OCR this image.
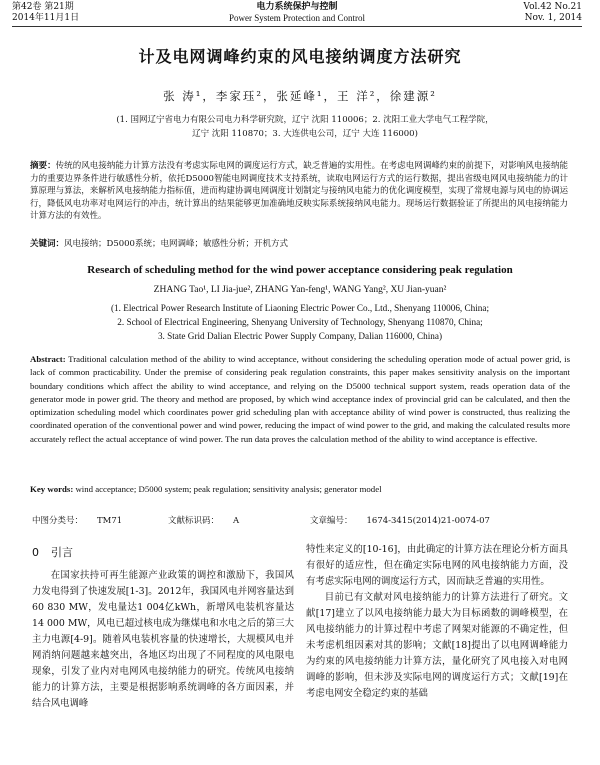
第42卷 第21期
2014年11月1日
电力系统保护与控制
Power System Protection and Control
Vol.42 No.21
Nov. 1, 2014
计及电网调峰约束的风电接纳调度方法研究
张 涛¹，李家珏²，张延峰¹，王 洋²，徐建源²
(1. 国网辽宁省电力有限公司电力科学研究院，辽宁 沈阳 110006；2. 沈阳工业大学电气工程学院，
辽宁 沈阳 110870；3. 大连供电公司，辽宁 大连 116000)
摘要：传统的风电接纳能力计算方法没有考虑实际电网的调度运行方式，缺乏普遍的实用性。在考虑电网调峰约束的前提下，对影响风电接纳能力的重要边界条件进行敏感性分析，依托D5000智能电网调度技术支持系统，读取电网运行方式的运行数据，提出省级电网风电接纳能力的计算原理与算法，来解析风电接纳能力指标值，进而构建协调电网调度计划制定与接纳风电能力的优化调度模型，实现了常规电源与风电的协调运行，降低风电功率对电网运行的冲击，统计算出的结果能够更加准确地反映实际系统接纳风电能力。现场运行数据验证了所提出的风电接纳能力计算方法的有效性。
关键词：风电接纳；D5000系统；电网调峰；敏感性分析；开机方式
Research of scheduling method for the wind power acceptance considering peak regulation
ZHANG Tao¹, LI Jia-jue², ZHANG Yan-feng¹, WANG Yang², XU Jian-yuan²
(1. Electrical Power Research Institute of Liaoning Electric Power Co., Ltd., Shenyang 110006, China;
2. School of Electrical Engineering, Shenyang University of Technology, Shenyang 110870, China;
3. State Grid Dalian Electric Power Supply Company, Dalian 116000, China)
Abstract: Traditional calculation method of the ability to wind acceptance, without considering the scheduling operation mode of actual power grid, is lack of common practicability. Under the premise of considering peak regulation constraints, this paper makes sensitivity analysis on the important boundary conditions which affect the ability to wind acceptance, and relying on the D5000 technical support system, reads operation data of the generator mode in power grid. The theory and method are proposed, by which wind acceptance index of provincial grid can be calculated, and then the optimization scheduling model which coordinates power grid scheduling plan with acceptance ability of wind power is constructed, thus realizing the coordinated operation of the conventional power and wind power, reducing the impact of wind power to the grid, and making the calculated results more accurately reflect the actual acceptance of wind power. The run data proves the calculation method of the ability to wind acceptance is effective.
Key words: wind acceptance; D5000 system; peak regulation; sensitivity analysis; generator model
中图分类号： TM71	文献标识码： A	文章编号： 1674-3415(2014)21-0074-07
0 引言
在国家扶持可再生能源产业政策的调控和激励下，我国风力发电得到了快速发展[1-3]。2012年，我国风电并网容量达到60 830 MW，发电量达1 004亿kWh，新增风电装机容量达14 000 MW，风电已超过核电成为继煤电和水电之后的第三大主力电源[4-9]。随着风电装机容量的快速增长，大规模风电并网消纳问题越来越突出，各地区均出现了不同程度的风电限电现象，引发了业内对电网风电接纳能力的研究。传统风电接纳能力的计算方法，主要是根据影响系统调峰的各方面因素，并结合风电调峰

特性来定义的[10-16]，由此确定的计算方法在理论分析方面具有很好的适应性，但在确定实际电网的风电接纳能力方面，没有考虑实际电网的调度运行方式，因而缺乏普遍的实用性。

目前已有文献对风电接纳能力的计算方法进行了研究。文献[17]建立了以风电接纳能力最大为目标函数的调峰模型，在风电接纳能力的计算过程中考虑了网架对能源的不确定性，但未考虑机组因素对其的影响；文献[18]提出了以电网调峰能力为约束的风电接纳能力计算方法，量化研究了风电接入对电网调峰的影响，但未涉及实际电网的调度运行方式；文献[19]在考虑电网安全稳定约束的基础
